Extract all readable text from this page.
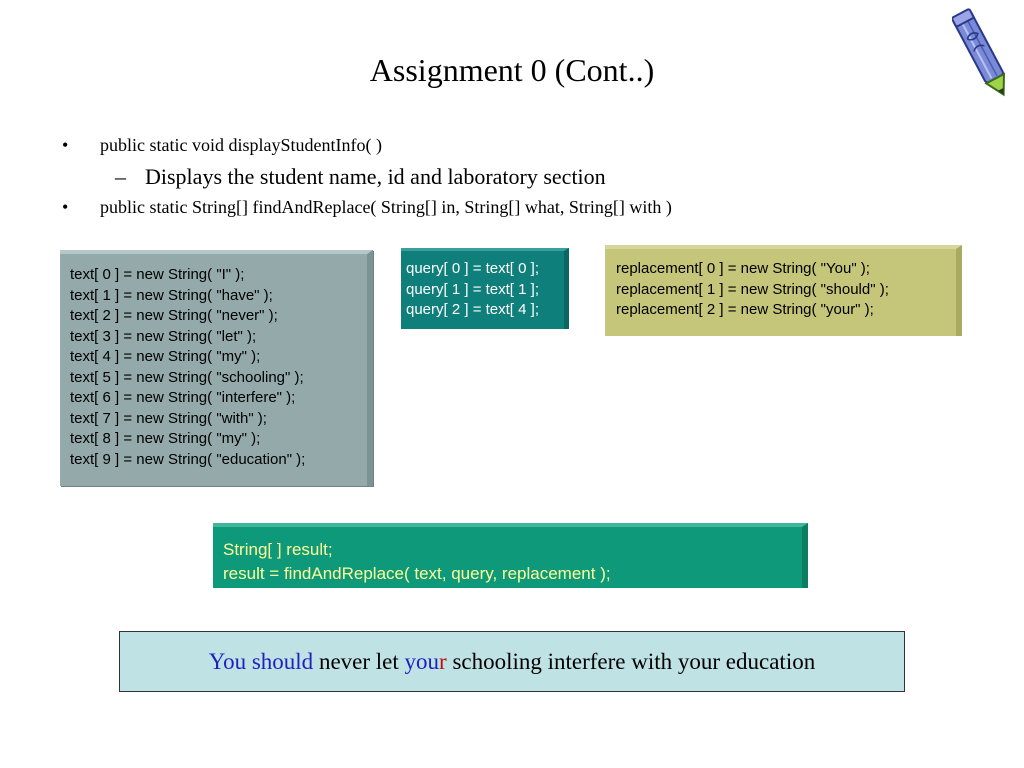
Assignment 0 (Cont..)
• public static void displayStudentInfo( )
– Displays the student name, id and laboratory section
• public static String[] findAndReplace( String[] in, String[] what, String[] with )
text[ 0 ] = new String( "I" );
text[ 1 ] = new String( "have" );
text[ 2 ] = new String( "never" );
text[ 3 ] = new String( "let" );
text[ 4 ] = new String( "my" );
text[ 5 ] = new String( "schooling" );
text[ 6 ] = new String( "interfere" );
text[ 7 ] = new String( "with" );
text[ 8 ] = new String( "my" );
text[ 9 ] = new String( "education" );
query[ 0 ] = text[ 0 ];
query[ 1 ] = text[ 1 ];
query[ 2 ] = text[ 4 ];
replacement[ 0 ] = new String( "You" );
replacement[ 1 ] = new String( "should" );
replacement[ 2 ] = new String( "your" );
String[ ] result;
result = findAndReplace( text, query, replacement );
You should never let your schooling interfere with your education
